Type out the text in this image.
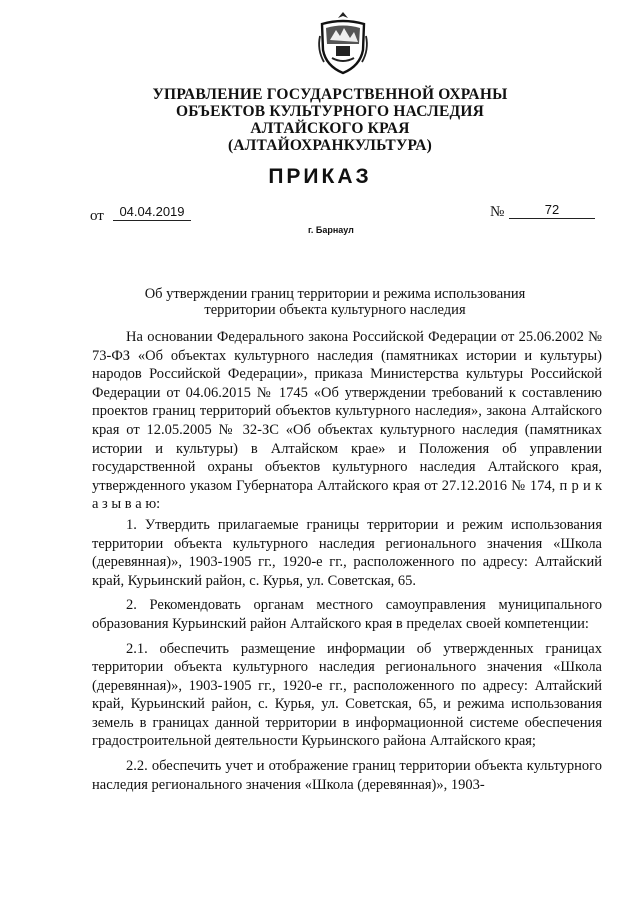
УПРАВЛЕНИЕ ГОСУДАРСТВЕННОЙ ОХРАНЫ
ОБЪЕКТОВ КУЛЬТУРНОГО НАСЛЕДИЯ
АЛТАЙСКОГО КРАЯ
(АЛТАЙОХРАНКУЛЬТУРА)
ПРИКАЗ
от	04.04.2019	№	72
г. Барнаул
Об утверждении границ территории и режима использования
территории объекта культурного наследия

На основании Федерального закона Российской Федерации от 25.06.2002 № 73-ФЗ «Об объектах культурного наследия (памятниках истории и культуры) народов Российской Федерации», приказа Министерства культуры Российской Федерации от 04.06.2015 № 1745 «Об утверждении требований к составлению проектов границ территорий объектов культурного наследия», закона Алтайского края от 12.05.2005 № 32-ЗС «Об объектах культурного наследия (памятниках истории и культуры) в Алтайском крае» и Положения об управлении государственной охраны объектов культурного наследия Алтайского края, утвержденного указом Губернатора Алтайского края от 27.12.2016 № 174, п р и к а з ы в а ю:

1. Утвердить прилагаемые границы территории и режим использования территории объекта культурного наследия регионального значения «Школа (деревянная)», 1903-1905 гг., 1920-е гг., расположенного по адресу: Алтайский край, Курьинский район, с. Курья, ул. Советская, 65.

2. Рекомендовать органам местного самоуправления муниципального образования Курьинский район Алтайского края в пределах своей компетенции:

2.1. обеспечить размещение информации об утвержденных границах территории объекта культурного наследия регионального значения «Школа (деревянная)», 1903-1905 гг., 1920-е гг., расположенного по адресу: Алтайский край, Курьинский район, с. Курья, ул. Советская, 65, и режима использования земель в границах данной территории в информационной системе обеспечения градостроительной деятельности Курьинского района Алтайского края;

2.2. обеспечить учет и отображение границ территории объекта культурного наследия регионального значения «Школа (деревянная)», 1903-
